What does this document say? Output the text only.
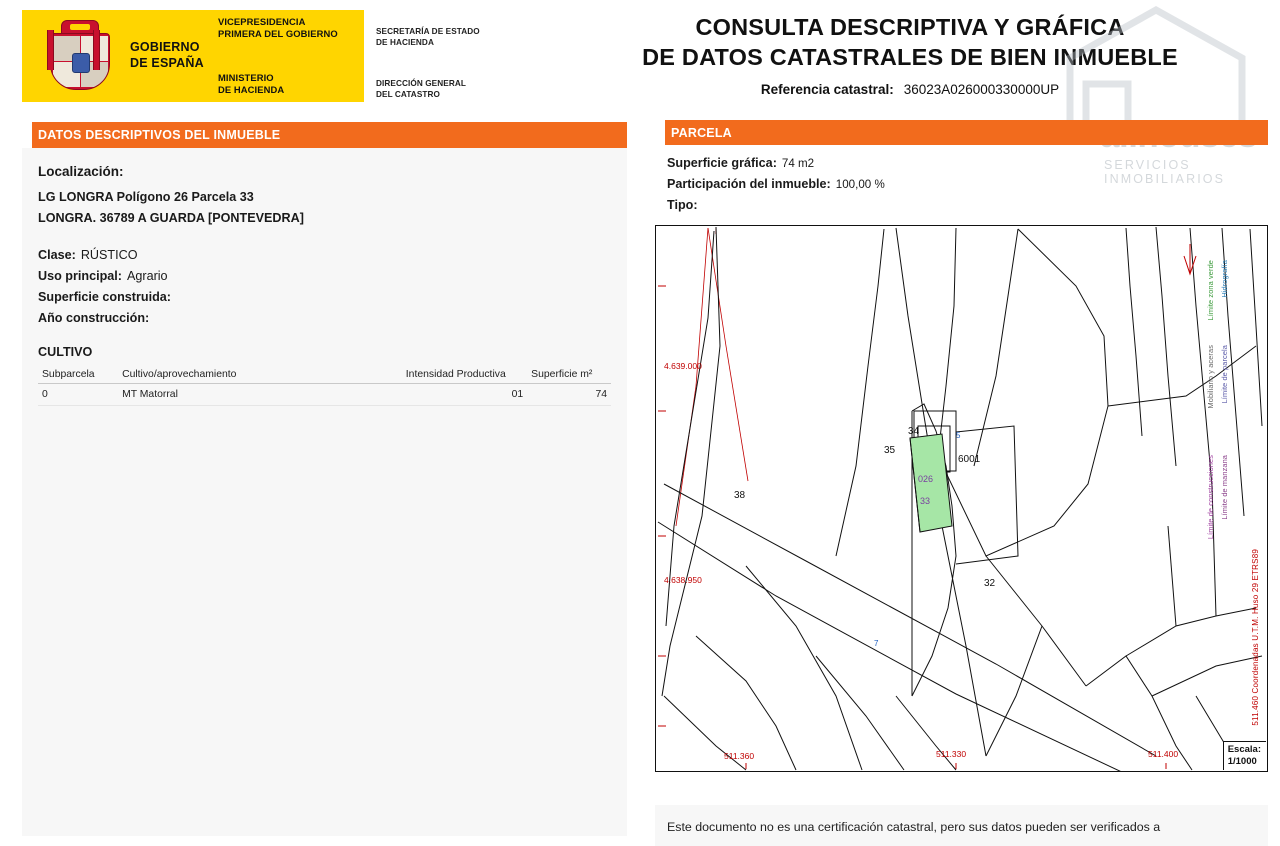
GOBIERNO
DE ESPAÑA
SECRETARÍA DE ESTADO
DE HACIENDA
DIRECCIÓN GENERAL
DEL CATASTRO
VICEPRESIDENCIA
PRIMERA DEL GOBIERNO
MINISTERIO
DE HACIENDA
CONSULTA DESCRIPTIVA Y GRÁFICA
DE DATOS CATASTRALES DE BIEN INMUEBLE
Referencia catastral: 36023A026000330000UP
SERVICIOS INMOBILIARIOS
DATOS DESCRIPTIVOS DEL INMUEBLE
Localización:
LG LONGRA Polígono 26 Parcela 33
LONGRA. 36789 A GUARDA [PONTEVEDRA]
Clase: RÚSTICO
Uso principal: Agrario
Superficie construida:
Año construcción:
CULTIVO
Subparcela	Cultivo/aprovechamiento	Intensidad Productiva	Superficie m²
0	MT Matorral	01	74
PARCELA
Superficie gráfica: 74 m2
Participación del inmueble: 100,00 %
Tipo:
5
7
35
34
6001
32
38
026
33
4.639.000
4.638.950
511.360	511.330	511.400
Hidrografía
Límite zona verde
Límite de parcela
Mobiliario y aceras
Límite de manzana
Límite de construcciones
511.460 Coordenadas U.T.M. Huso 29 ETRS89
Escala:
1/1000
Este documento no es una certificación catastral, pero sus datos pueden ser verificados a
